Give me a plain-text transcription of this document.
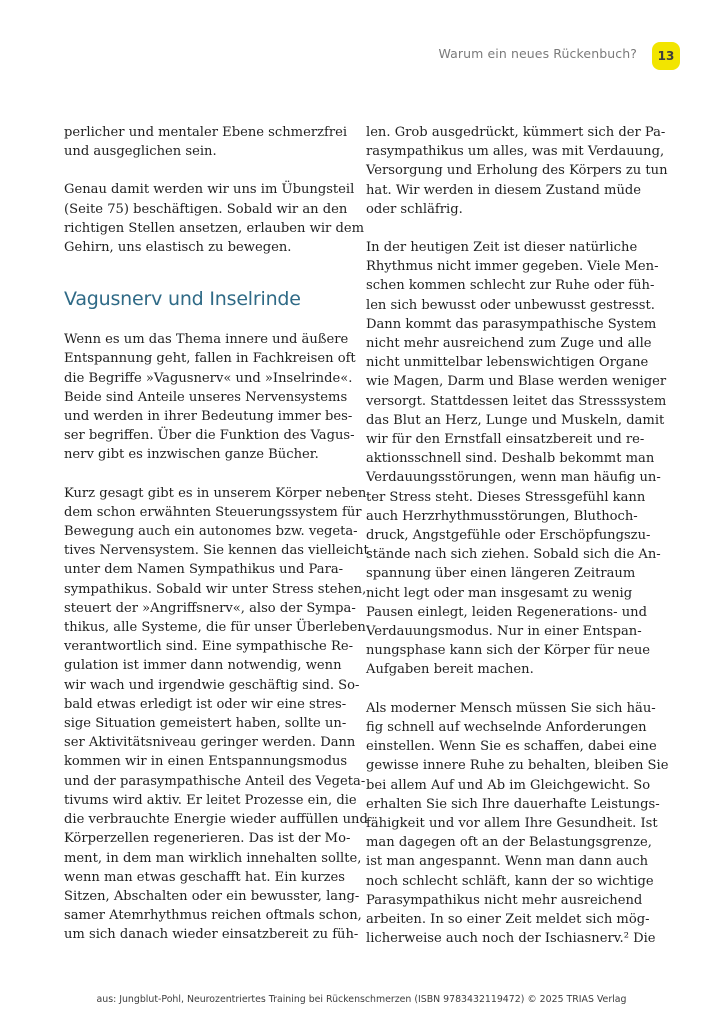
Warum ein neues Rückenbuch?	13
perlicher und mentaler Ebene schmerzfrei
und ausgeglichen sein.
Genau damit werden wir uns im Übungsteil
(Seite 75) beschäftigen. Sobald wir an den
richtigen Stellen ansetzen, erlauben wir dem
Gehirn, uns elastisch zu bewegen.
Vagusnerv und Inselrinde
Wenn es um das Thema innere und äußere
Entspannung geht, fallen in Fachkreisen oft
die Begriffe »Vagusnerv« und »Inselrinde«.
Beide sind Anteile unseres Nervensystems
und werden in ihrer Bedeutung immer bes-
ser begriffen. Über die Funktion des Vagus-
nerv gibt es inzwischen ganze Bücher.
Kurz gesagt gibt es in unserem Körper neben
dem schon erwähnten Steuerungssystem für
Bewegung auch ein autonomes bzw. vegeta-
tives Nervensystem. Sie kennen das vielleicht
unter dem Namen Sympathikus und Para-
sympathikus. Sobald wir unter Stress stehen,
steuert der »Angriffsnerv«, also der Sympa-
thikus, alle Systeme, die für unser Überleben
verantwortlich sind. Eine sympathische Re-
gulation ist immer dann notwendig, wenn
wir wach und irgendwie geschäftig sind. So-
bald etwas erledigt ist oder wir eine stres-
sige Situation gemeistert haben, sollte un-
ser Aktivitätsniveau geringer werden. Dann
kommen wir in einen Entspannungsmodus
und der parasympathische Anteil des Vegeta-
tivums wird aktiv. Er leitet Prozesse ein, die
die verbrauchte Energie wieder auffüllen und
Körperzellen regenerieren. Das ist der Mo-
ment, in dem man wirklich innehalten sollte,
wenn man etwas geschafft hat. Ein kurzes
Sitzen, Abschalten oder ein bewusster, lang-
samer Atemrhythmus reichen oftmals schon,
um sich danach wieder einsatzbereit zu füh-
len. Grob ausgedrückt, kümmert sich der Pa-
rasympathikus um alles, was mit Verdauung,
Versorgung und Erholung des Körpers zu tun
hat. Wir werden in diesem Zustand müde
oder schläfrig.
In der heutigen Zeit ist dieser natürliche
Rhythmus nicht immer gegeben. Viele Men-
schen kommen schlecht zur Ruhe oder füh-
len sich bewusst oder unbewusst gestresst.
Dann kommt das parasympathische System
nicht mehr ausreichend zum Zuge und alle
nicht unmittelbar lebenswichtigen Organe
wie Magen, Darm und Blase werden weniger
versorgt. Stattdessen leitet das Stresssystem
das Blut an Herz, Lunge und Muskeln, damit
wir für den Ernstfall einsatzbereit und re-
aktionsschnell sind. Deshalb bekommt man
Verdauungsstörungen, wenn man häufig un-
ter Stress steht. Dieses Stressgefühl kann
auch Herzrhythmusstörungen, Bluthoch-
druck, Angstgefühle oder Erschöpfungszu-
stände nach sich ziehen. Sobald sich die An-
spannung über einen längeren Zeitraum
nicht legt oder man insgesamt zu wenig
Pausen einlegt, leiden Regenerations- und
Verdauungsmodus. Nur in einer Entspan-
nungsphase kann sich der Körper für neue
Aufgaben bereit machen.
Als moderner Mensch müssen Sie sich häu-
fig schnell auf wechselnde Anforderungen
einstellen. Wenn Sie es schaffen, dabei eine
gewisse innere Ruhe zu behalten, bleiben Sie
bei allem Auf und Ab im Gleichgewicht. So
erhalten Sie sich Ihre dauerhafte Leistungs-
fähigkeit und vor allem Ihre Gesundheit. Ist
man dagegen oft an der Belastungsgrenze,
ist man angespannt. Wenn man dann auch
noch schlecht schläft, kann der so wichtige
Parasympathikus nicht mehr ausreichend
arbeiten. In so einer Zeit meldet sich mög-
licherweise auch noch der Ischiasnerv.² Die
aus: Jungblut-Pohl, Neurozentriertes Training bei Rückenschmerzen (ISBN 9783432119472) © 2025 TRIAS Verlag
